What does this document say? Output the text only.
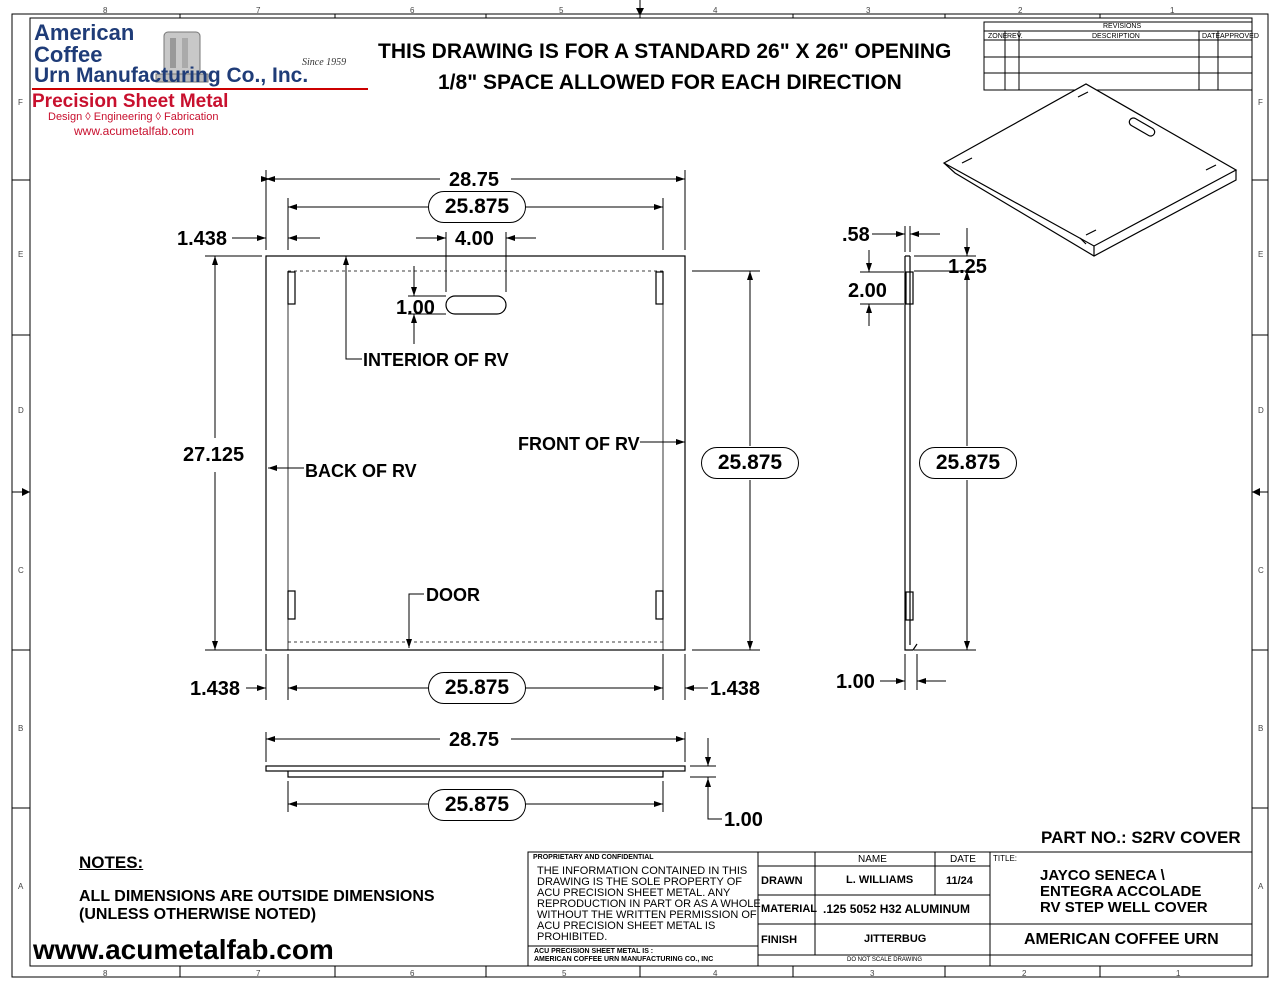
American
Coffee
Urn Manufacturing Co., Inc.
Since 1959
Precision Sheet Metal
Design ◊ Engineering ◊ Fabrication
www.acumetalfab.com
THIS DRAWING IS FOR A STANDARD 26" X 26" OPENING
1/8" SPACE ALLOWED FOR EACH DIRECTION
REVISIONS
ZONE REV.	DESCRIPTION	DATE APPROVED
8	7	6	5	4	3	2	1
8	7	6	5	4	3	2	1
F
E
D
C
B
A
F
E
D
C
B
A
28.75
25.875
1.438	4.00
1.00
27.125	25.875
1.438	25.875	1.438
INTERIOR OF RV
FRONT OF RV
BACK OF RV
DOOR
.58
1.25
2.00
25.875
1.00
28.75
25.875
1.00
PART NO.: S2RV COVER
NOTES:
ALL DIMENSIONS ARE OUTSIDE DIMENSIONS
(UNLESS OTHERWISE NOTED)
www.acumetalfab.com
PROPRIETARY AND CONFIDENTIAL
THE INFORMATION CONTAINED IN THIS
DRAWING IS THE SOLE PROPERTY OF
ACU PRECISION SHEET METAL. ANY
REPRODUCTION IN PART OR AS A WHOLE
WITHOUT THE WRITTEN PERMISSION OF
ACU PRECISION SHEET METAL IS
PROHIBITED.
ACU PRECISION SHEET METAL IS :
AMERICAN COFFEE URN MANUFACTURING CO., INC
NAME	DATE TITLE:
DRAWN	L. WILLIAMS	11/24
MATERIAL .125 5052 H32 ALUMINUM
FINISH	JITTERBUG
DO NOT SCALE DRAWING
JAYCO SENECA \
ENTEGRA ACCOLADE
RV STEP WELL COVER
AMERICAN COFFEE URN
